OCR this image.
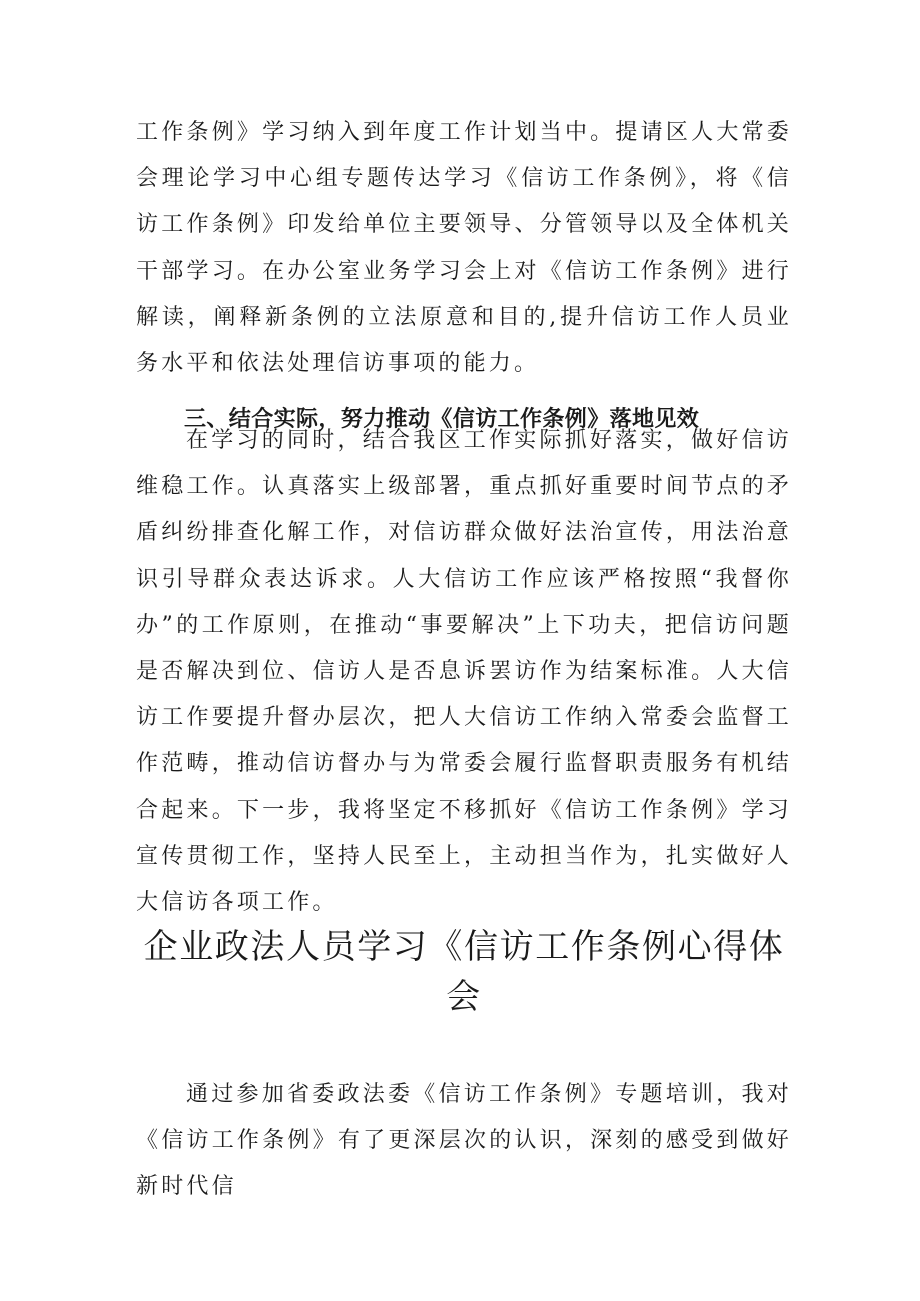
工作条例》学习纳入到年度工作计划当中。提请区人大常委会理论学习中心组专题传达学习《信访工作条例》，将《信访工作条例》印发给单位主要领导、分管领导以及全体机关干部学习。在办公室业务学习会上对《信访工作条例》进行解读，阐释新条例的立法原意和目的,提升信访工作人员业务水平和依法处理信访事项的能力。

三、结合实际，努力推动《信访工作条例》落地见效

在学习的同时，结合我区工作实际抓好落实，做好信访维稳工作。认真落实上级部署，重点抓好重要时间节点的矛盾纠纷排查化解工作，对信访群众做好法治宣传，用法治意识引导群众表达诉求。人大信访工作应该严格按照“我督你办”的工作原则，在推动“事要解决”上下功夫，把信访问题是否解决到位、信访人是否息诉罢访作为结案标准。人大信访工作要提升督办层次，把人大信访工作纳入常委会监督工作范畴，推动信访督办与为常委会履行监督职责服务有机结合起来。下一步，我将坚定不移抓好《信访工作条例》学习宣传贯彻工作，坚持人民至上，主动担当作为，扎实做好人大信访各项工作。

企业政法人员学习《信访工作条例心得体会

通过参加省委政法委《信访工作条例》专题培训，我对《信访工作条例》有了更深层次的认识，深刻的感受到做好新时代信
